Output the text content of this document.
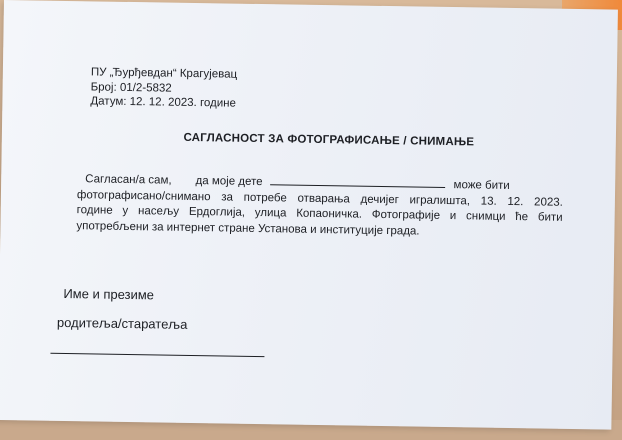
ПУ „Ђурђевдан“ Крагујевац
Број: 01/2-5832
Датум: 12. 12. 2023. године
САГЛАСНОСТ ЗА ФОТОГРАФИСАЊЕ / СНИМАЊЕ
Сагласан/а сам, да моје дете	може бити
фотографисано/снимано за потребе отварања дечијег игралишта, 13. 12. 2023.
године у насељу Ердоглија, улица Копаоничка. Фотографије и снимци ће бити
употребљени за интернет стране Установа и институције града.
Име и презиме
родитеља/старатеља
